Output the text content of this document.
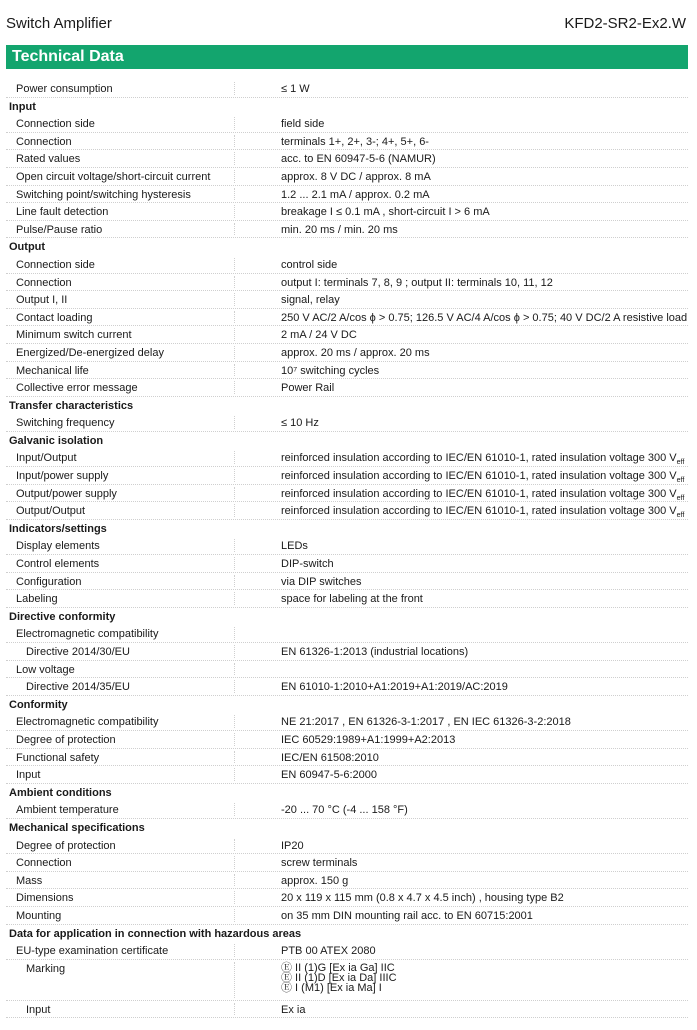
Switch Amplifier	KFD2-SR2-Ex2.W
Technical Data
Power consumption	≤ 1 W
Input
Connection side	field side
Connection	terminals 1+, 2+, 3-; 4+, 5+, 6-
Rated values	acc. to EN 60947-5-6 (NAMUR)
Open circuit voltage/short-circuit current	approx. 8 V DC / approx. 8 mA
Switching point/switching hysteresis	1.2 ... 2.1 mA / approx. 0.2 mA
Line fault detection	breakage I ≤ 0.1 mA , short-circuit I > 6 mA
Pulse/Pause ratio	min. 20 ms / min. 20 ms
Output
Connection side	control side
Connection	output I: terminals 7, 8, 9 ; output II: terminals 10, 11, 12
Output I, II	signal, relay
Contact loading	250 V AC/2 A/cos ϕ > 0.75; 126.5 V AC/4 A/cos ϕ > 0.75; 40 V DC/2 A resistive load
Minimum switch current	2 mA / 24 V DC
Energized/De-energized delay	approx. 20 ms / approx. 20 ms
Mechanical life	10⁷ switching cycles
Collective error message	Power Rail
Transfer characteristics
Switching frequency	≤ 10 Hz
Galvanic isolation
Input/Output	reinforced insulation according to IEC/EN 61010-1, rated insulation voltage 300 $V_{eff}$
Input/power supply	reinforced insulation according to IEC/EN 61010-1, rated insulation voltage 300 $V_{eff}$
Output/power supply	reinforced insulation according to IEC/EN 61010-1, rated insulation voltage 300 $V_{eff}$
Output/Output	reinforced insulation according to IEC/EN 61010-1, rated insulation voltage 300 $V_{eff}$
Indicators/settings
Display elements	LEDs
Control elements	DIP-switch
Configuration	via DIP switches
Labeling	space for labeling at the front
Directive conformity
Electromagnetic compatibility
Directive 2014/30/EU	EN 61326-1:2013 (industrial locations)
Low voltage
Directive 2014/35/EU	EN 61010-1:2010+A1:2019+A1:2019/AC:2019
Conformity
Electromagnetic compatibility	NE 21:2017 , EN 61326-3-1:2017 , EN IEC 61326-3-2:2018
Degree of protection	IEC 60529:1989+A1:1999+A2:2013
Functional safety	IEC/EN 61508:2010
Input	EN 60947-5-6:2000
Ambient conditions
Ambient temperature	-20 ... 70 °C (-4 ... 158 °F)
Mechanical specifications
Degree of protection	IP20
Connection	screw terminals
Mass	approx. 150 g
Dimensions	20 x 119 x 115 mm (0.8 x 4.7 x 4.5 inch) , housing type B2
Mounting	on 35 mm DIN mounting rail acc. to EN 60715:2001
Data for application in connection with hazardous areas
EU-type examination certificate	PTB 00 ATEX 2080
Marking	Ⓔ II (1)G [Ex ia Ga] IIC
Ⓔ II (1)D [Ex ia Da] IIIC
Ⓔ I (M1) [Ex ia Ma] I
Input	Ex ia
